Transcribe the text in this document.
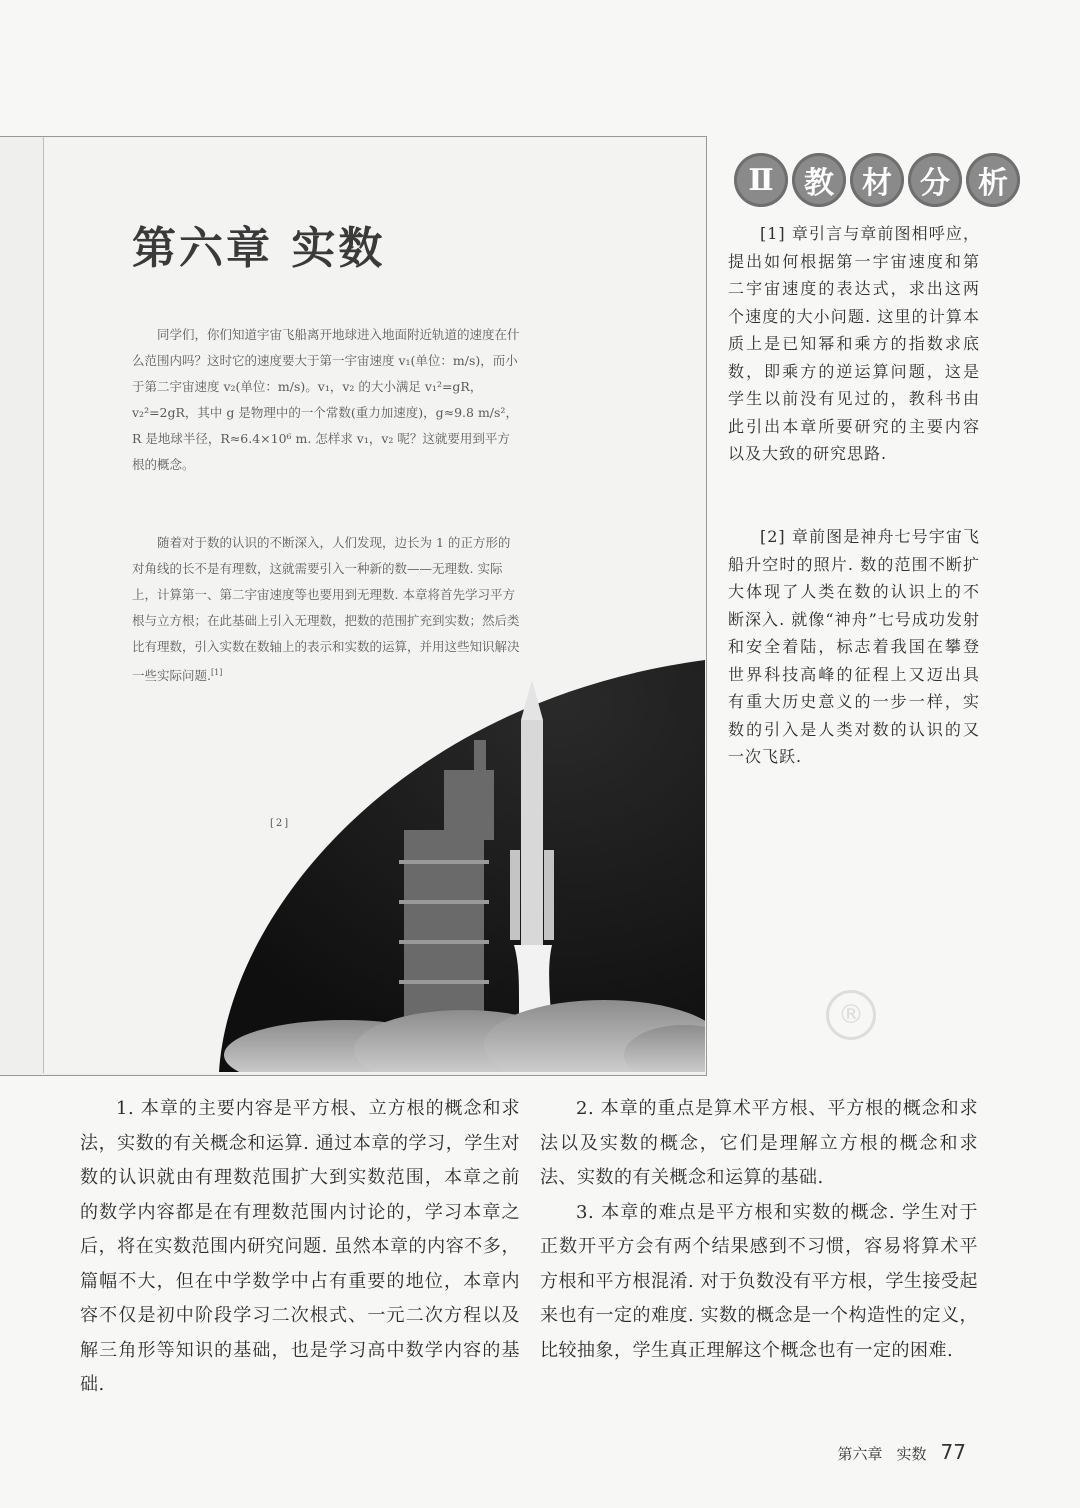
第六章 实数
同学们，你们知道宇宙飞船离开地球进入地面附近轨道的速度在什么范围内吗？这时它的速度要大于第一宇宙速度 v₁(单位：m/s)，而小于第二宇宙速度 v₂(单位：m/s)。v₁，v₂ 的大小满足 v₁²=gR，v₂²=2gR，其中 g 是物理中的一个常数(重力加速度)，g≈9.8 m/s²，R 是地球半径，R≈6.4×10⁶ m. 怎样求 v₁，v₂ 呢？这就要用到平方根的概念。
随着对于数的认识的不断深入，人们发现，边长为 1 的正方形的对角线的长不是有理数，这就需要引入一种新的数——无理数. 实际上，计算第一、第二宇宙速度等也要用到无理数. 本章将首先学习平方根与立方根；在此基础上引入无理数，把数的范围扩充到实数；然后类比有理数，引入实数在数轴上的表示和实数的运算，并用这些知识解决一些实际问题.[1]
[2]
Ⅱ	教 材 分 析
[1] 章引言与章前图相呼应，提出如何根据第一宇宙速度和第二宇宙速度的表达式，求出这两个速度的大小问题. 这里的计算本质上是已知幂和乘方的指数求底数，即乘方的逆运算问题，这是学生以前没有见过的，教科书由此引出本章所要研究的主要内容以及大致的研究思路.
[2] 章前图是神舟七号宇宙飞船升空时的照片. 数的范围不断扩大体现了人类在数的认识上的不断深入. 就像“神舟”七号成功发射和安全着陆，标志着我国在攀登世界科技高峰的征程上又迈出具有重大历史意义的一步一样，实数的引入是人类对数的认识的又一次飞跃.
®

1. 本章的主要内容是平方根、立方根的概念和求法，实数的有关概念和运算. 通过本章的学习，学生对数的认识就由有理数范围扩大到实数范围，本章之前的数学内容都是在有理数范围内讨论的，学习本章之后，将在实数范围内研究问题. 虽然本章的内容不多，篇幅不大，但在中学数学中占有重要的地位，本章内容不仅是初中阶段学习二次根式、一元二次方程以及解三角形等知识的基础，也是学习高中数学内容的基础.

2. 本章的重点是算术平方根、平方根的概念和求法以及实数的概念，它们是理解立方根的概念和求法、实数的有关概念和运算的基础.

3. 本章的难点是平方根和实数的概念. 学生对于正数开平方会有两个结果感到不习惯，容易将算术平方根和平方根混淆. 对于负数没有平方根，学生接受起来也有一定的难度. 实数的概念是一个构造性的定义，比较抽象，学生真正理解这个概念也有一定的困难.

第六章 实数 77
